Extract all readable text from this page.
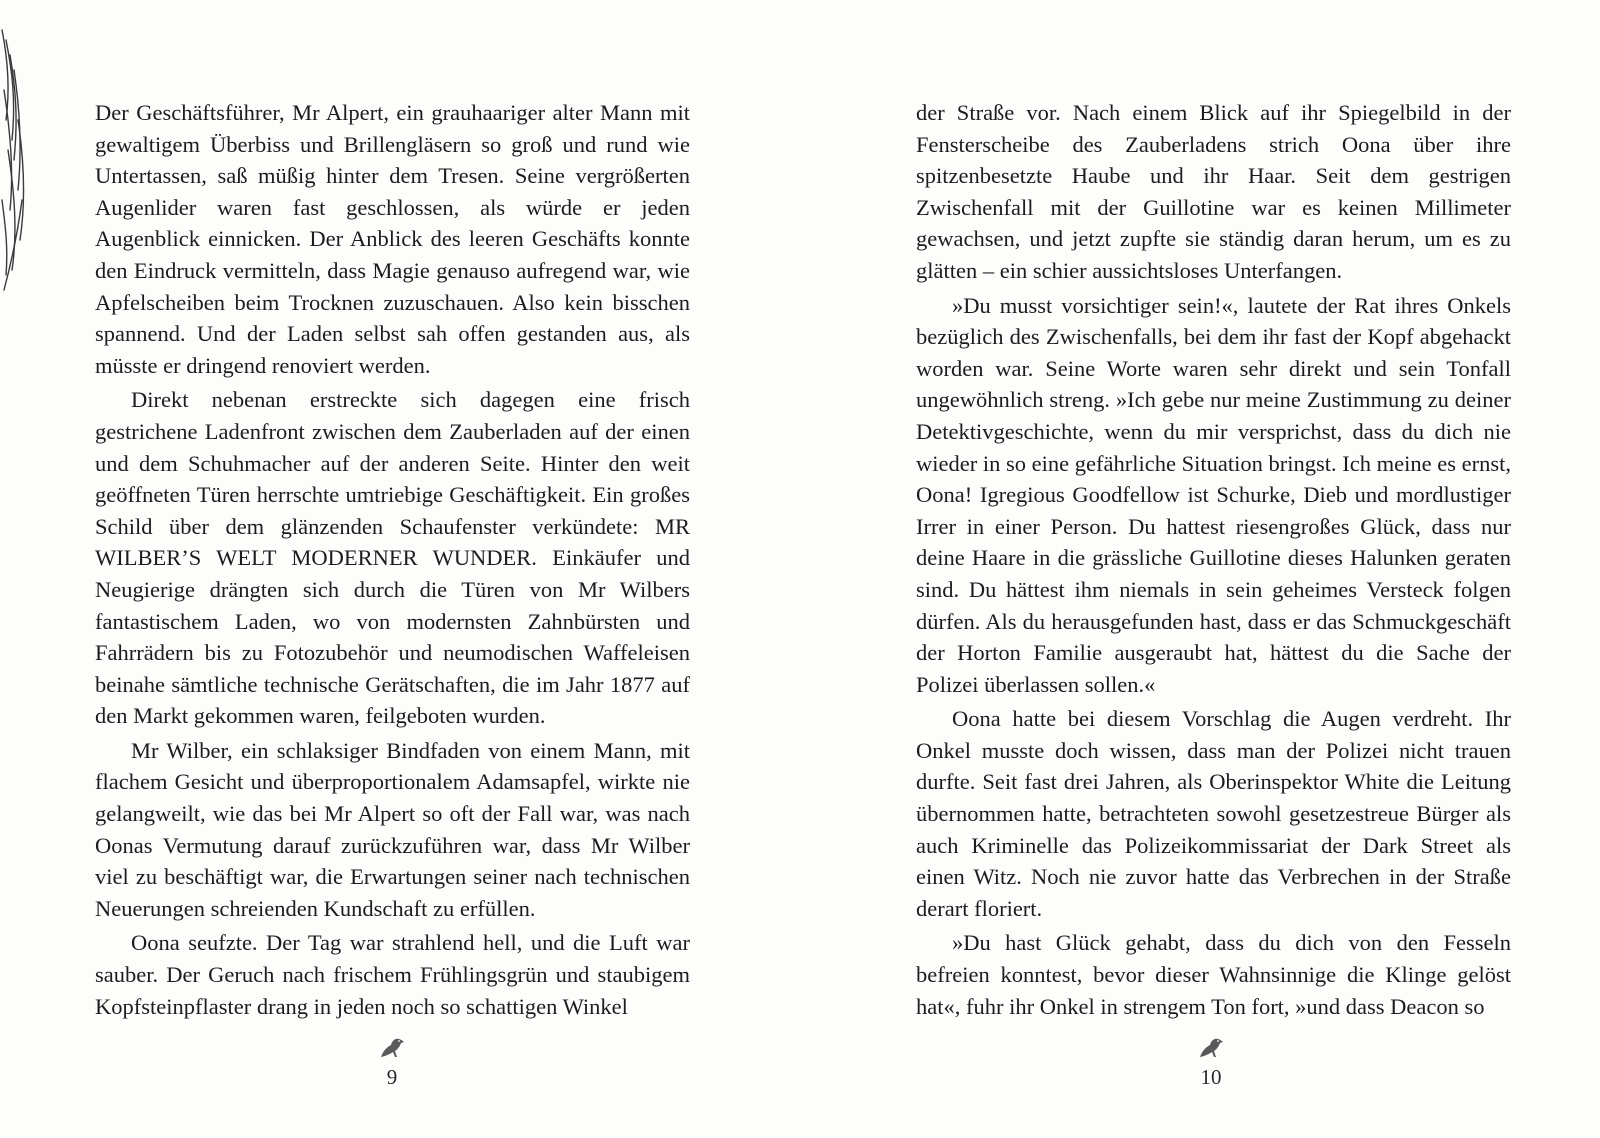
Der Geschäftsführer, Mr Alpert, ein grauhaariger alter Mann mit gewaltigem Überbiss und Brillengläsern so groß und rund wie Untertassen, saß müßig hinter dem Tresen. Seine vergrößerten Augenlider waren fast geschlossen, als würde er jeden Augenblick einnicken. Der Anblick des leeren Geschäfts konnte den Eindruck vermitteln, dass Magie genauso aufregend war, wie Apfelscheiben beim Trocknen zuzuschauen. Also kein bisschen spannend. Und der Laden selbst sah offen gestanden aus, als müsste er dringend renoviert werden.

Direkt nebenan erstreckte sich dagegen eine frisch gestrichene Ladenfront zwischen dem Zauberladen auf der einen und dem Schuhmacher auf der anderen Seite. Hinter den weit geöffneten Türen herrschte umtriebige Geschäftigkeit. Ein großes Schild über dem glänzenden Schaufenster verkündete: MR WILBER’S WELT MODERNER WUNDER. Einkäufer und Neugierige drängten sich durch die Türen von Mr Wilbers fantastischem Laden, wo von modernsten Zahnbürsten und Fahrrädern bis zu Fotozubehör und neumodischen Waffeleisen beinahe sämtliche technische Gerätschaften, die im Jahr 1877 auf den Markt gekommen waren, feilgeboten wurden.

Mr Wilber, ein schlaksiger Bindfaden von einem Mann, mit flachem Gesicht und überproportionalem Adamsapfel, wirkte nie gelangweilt, wie das bei Mr Alpert so oft der Fall war, was nach Oonas Vermutung darauf zurückzuführen war, dass Mr Wilber viel zu beschäftigt war, die Erwartungen seiner nach technischen Neuerungen schreienden Kundschaft zu erfüllen.

Oona seufzte. Der Tag war strahlend hell, und die Luft war sauber. Der Geruch nach frischem Frühlingsgrün und staubigem Kopfsteinpflaster drang in jeden noch so schattigen Winkel

der Straße vor. Nach einem Blick auf ihr Spiegelbild in der Fensterscheibe des Zauberladens strich Oona über ihre spitzenbesetzte Haube und ihr Haar. Seit dem gestrigen Zwischenfall mit der Guillotine war es keinen Millimeter gewachsen, und jetzt zupfte sie ständig daran herum, um es zu glätten – ein schier aussichtsloses Unterfangen.

»Du musst vorsichtiger sein!«, lautete der Rat ihres Onkels bezüglich des Zwischenfalls, bei dem ihr fast der Kopf abgehackt worden war. Seine Worte waren sehr direkt und sein Tonfall ungewöhnlich streng. »Ich gebe nur meine Zustimmung zu deiner Detektivgeschichte, wenn du mir versprichst, dass du dich nie wieder in so eine gefährliche Situation bringst. Ich meine es ernst, Oona! Igregious Goodfellow ist Schurke, Dieb und mordlustiger Irrer in einer Person. Du hattest riesengroßes Glück, dass nur deine Haare in die grässliche Guillotine dieses Halunken geraten sind. Du hättest ihm niemals in sein geheimes Versteck folgen dürfen. Als du herausgefunden hast, dass er das Schmuckgeschäft der Horton Familie ausgeraubt hat, hättest du die Sache der Polizei überlassen sollen.«

Oona hatte bei diesem Vorschlag die Augen verdreht. Ihr Onkel musste doch wissen, dass man der Polizei nicht trauen durfte. Seit fast drei Jahren, als Oberinspektor White die Leitung übernommen hatte, betrachteten sowohl gesetzestreue Bürger als auch Kriminelle das Polizeikommissariat der Dark Street als einen Witz. Noch nie zuvor hatte das Verbrechen in der Straße derart floriert.

»Du hast Glück gehabt, dass du dich von den Fesseln befreien konntest, bevor dieser Wahnsinnige die Klinge gelöst hat«, fuhr ihr Onkel in strengem Ton fort, »und dass Deacon so

9	10
